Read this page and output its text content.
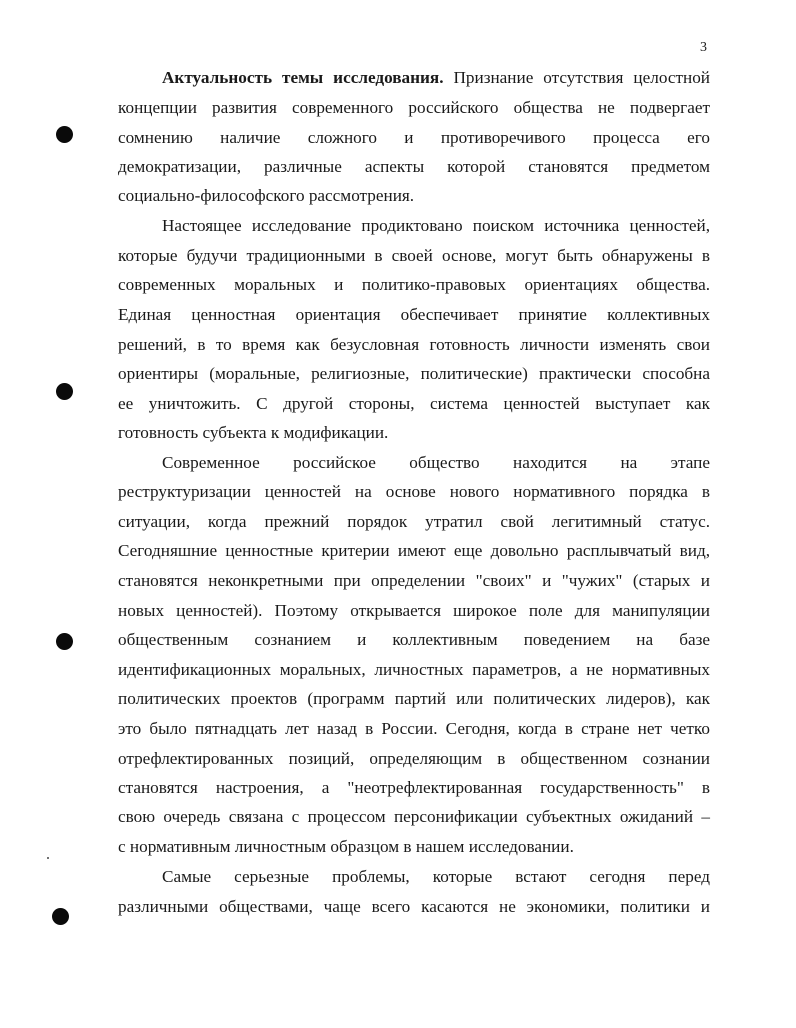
3
Актуальность темы исследования. Признание отсутствия целостной
концепции развития современного российского общества не подвергает
сомнению наличие сложного и противоречивого процесса его
демократизации, различные аспекты которой становятся предметом
социально-философского рассмотрения.
Настоящее исследование продиктовано поиском источника ценностей,
которые будучи традиционными в своей основе, могут быть обнаружены в
современных моральных и политико-правовых ориентациях общества.
Единая ценностная ориентация обеспечивает принятие коллективных
решений, в то время как безусловная готовность личности изменять свои
ориентиры (моральные, религиозные, политические) практически способна
ее уничтожить. С другой стороны, система ценностей выступает как
готовность субъекта к модификации.
Современное российское общество находится на этапе
реструктуризации ценностей на основе нового нормативного порядка в
ситуации, когда прежний порядок утратил свой легитимный статус.
Сегодняшние ценностные критерии имеют еще довольно расплывчатый вид,
становятся неконкретными при определении "своих" и "чужих" (старых и
новых ценностей). Поэтому открывается широкое поле для манипуляции
общественным сознанием и коллективным поведением на базе
идентификационных моральных, личностных параметров, а не нормативных
политических проектов (программ партий или политических лидеров), как
это было пятнадцать лет назад в России. Сегодня, когда в стране нет четко
отрефлектированных позиций, определяющим в общественном сознании
становятся настроения, а "неотрефлектированная государственность" в
свою очередь связана с процессом персонификации субъектных ожиданий –
с нормативным личностным образцом в нашем исследовании.
Самые серьезные проблемы, которые встают сегодня перед
различными обществами, чаще всего касаются не экономики, политики и
